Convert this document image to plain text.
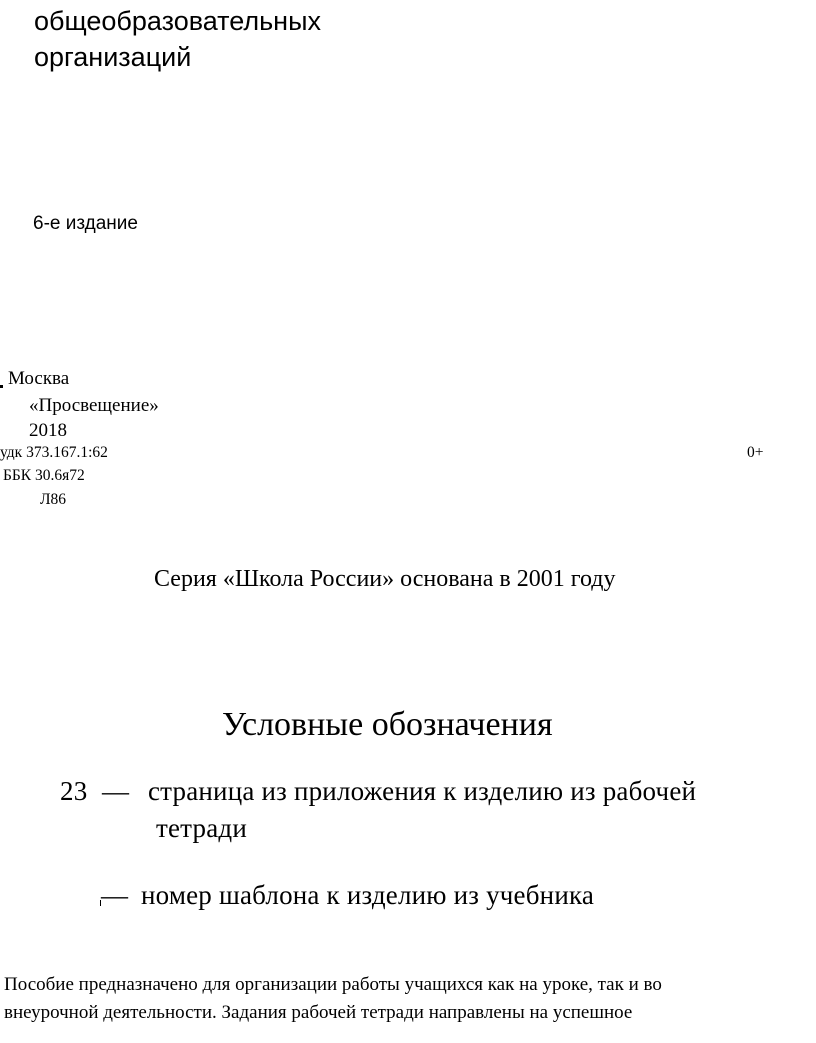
общеобразовательных
организаций
6-е издание
Москва
«Просвещение»
2018
удк 373.167.1:62	0+
ББК 30.6я72
Л86
Серия «Школа России» основана в 2001 году
Условные обозначения
23 — страница из приложения к изделию из рабочей
тетради
— номер шаблона к изделию из учебника
Пособие предназначено для организации работы учащихся как на уроке, так и во
внеурочной деятельности. Задания рабочей тетради направлены на успешное
